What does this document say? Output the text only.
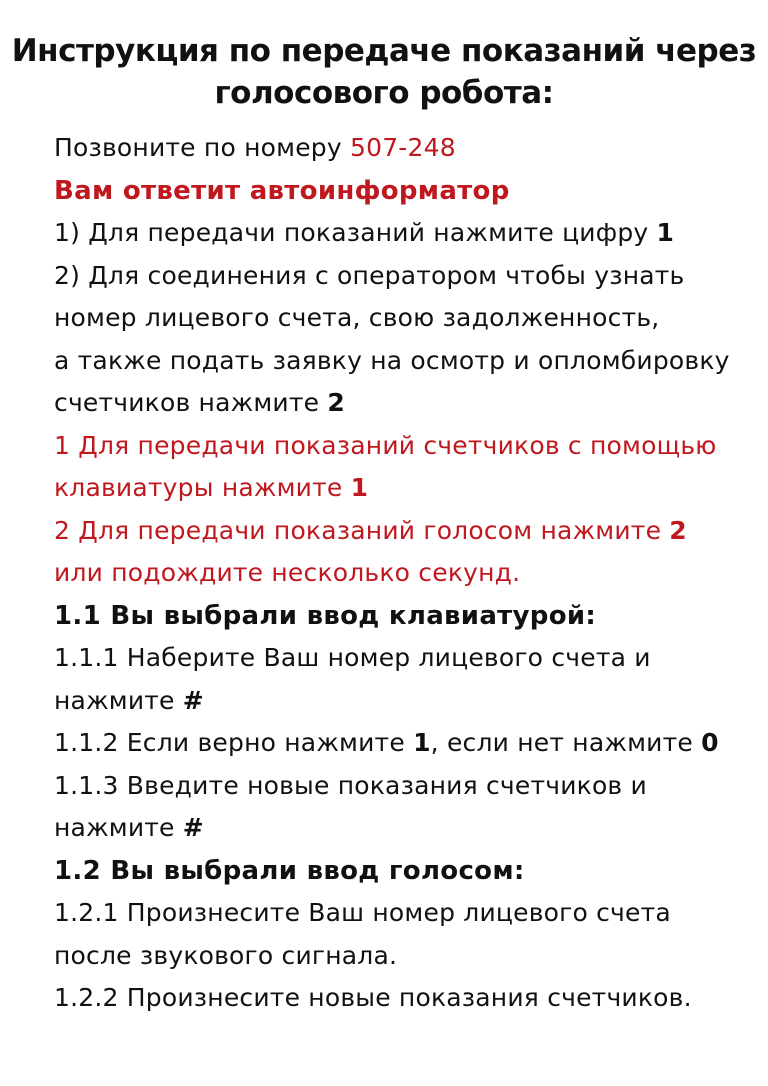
Инструкция по передаче показаний через
голосового робота:
Позвоните по номеру 507-248
Вам ответит автоинформатор
1) Для передачи показаний нажмите цифру 1
2) Для соединения с оператором чтобы узнать
номер лицевого счета, свою задолженность,
а также подать заявку на осмотр и опломбировку
счетчиков нажмите 2
1 Для передачи показаний счетчиков с помощью
клавиатуры нажмите 1
2 Для передачи показаний голосом нажмите 2
или подождите несколько секунд.
1.1 Вы выбрали ввод клавиатурой:
1.1.1 Наберите Ваш номер лицевого счета и
нажмите #
1.1.2 Если верно нажмите 1, если нет нажмите 0
1.1.3 Введите новые показания счетчиков и
нажмите #
1.2 Вы выбрали ввод голосом:
1.2.1 Произнесите Ваш номер лицевого счета
после звукового сигнала.
1.2.2 Произнесите новые показания счетчиков.
